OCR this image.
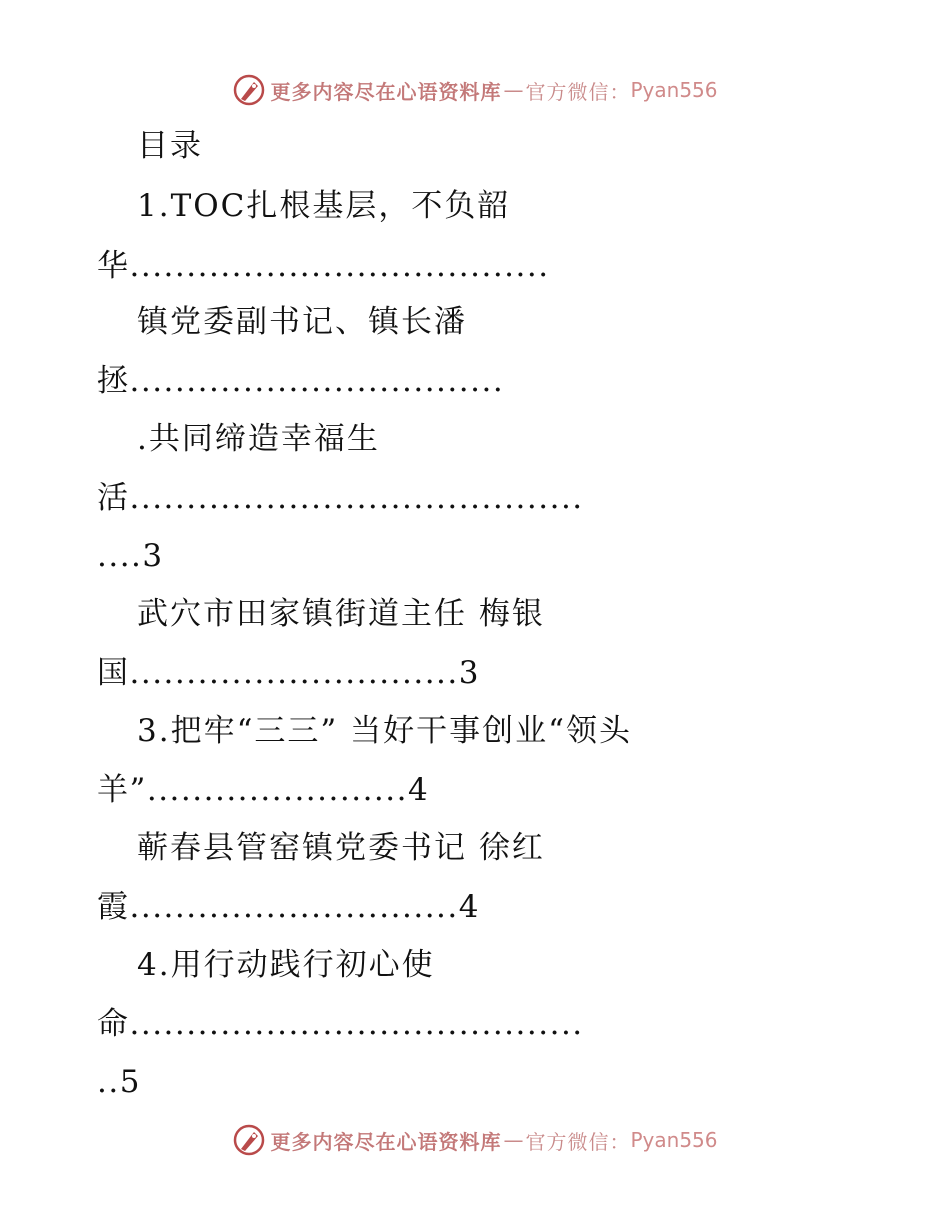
更多内容尽在心语资料库 — 官方微信： Pyan556
目录
1.TOC扎根基层，不负韶
华.....................................
镇党委副书记、镇长潘
拯.................................
.共同缔造幸福生
活........................................
....3
武穴市田家镇街道主任 梅银
国.............................3
3.把牢“三三” 当好干事创业“领头
羊”.......................4
蕲春县管窑镇党委书记 徐红
霞.............................4
4.用行动践行初心使
命........................................
..5
更多内容尽在心语资料库 — 官方微信： Pyan556
